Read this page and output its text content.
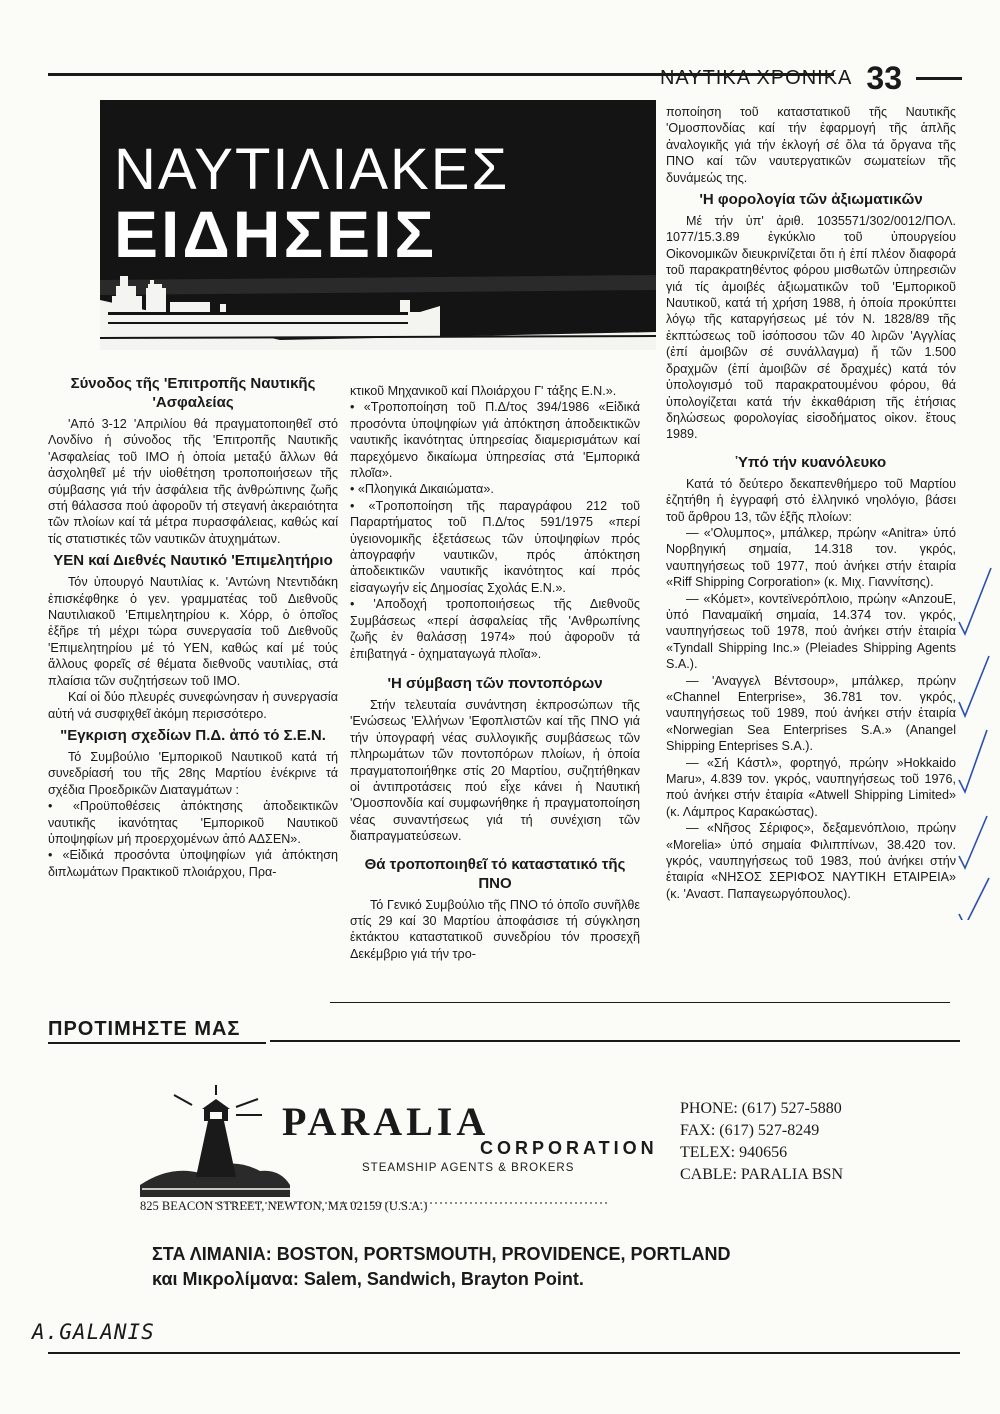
ΝΑΥΤΙΚΑ ΧΡΟΝΙΚΑ 33
ΝΑΥΤΙΛΙΑΚΕΣ
ΕΙΔΗΣΕΙΣ
Σύνοδος τῆς 'Επιτροπῆς Ναυτικῆς 'Ασφαλείας

'Από 3-12 'Απριλίου θά πραγματοποιηθεῖ στό Λονδίνο ἡ σύνοδος τῆς 'Επιτροπῆς Ναυτικῆς 'Ασφαλείας τοῦ IMO ἡ ὁποία μεταξύ ἄλλων θά ἀσχοληθεῖ μέ τήν υἱοθέτηση τροποποιήσεων τῆς σύμβασης γιά τήν ἀσφάλεια τῆς ἀνθρώπινης ζωῆς στή θάλασσα πού ἀφοροῦν τή στεγανή ἀκεραιότητα τῶν πλοίων καί τά μέτρα πυρασφάλειας, καθώς καί τίς στατιστικές τῶν ναυτικῶν ἀτυχημάτων.

ΥΕΝ καί Διεθνές Ναυτικό 'Επιμελητήριο

Τόν ὑπουργό Ναυτιλίας κ. 'Αντώνη Ντεντιδάκη ἐπισκέφθηκε ὁ γεν. γραμματέας τοῦ Διεθνοῦς Ναυτιλιακοῦ 'Επιμελητηρίου κ. Χόρρ, ὁ ὁποῖος ἐξῆρε τή μέχρι τώρα συνεργασία τοῦ Διεθνοῦς 'Επιμελητηρίου μέ τό ΥΕΝ, καθώς καί μέ τούς ἄλλους φορεῖς σέ θέματα διεθνοῦς ναυτιλίας, στά πλαίσια τῶν συζητήσεων τοῦ IMO.

Καί οἱ δύο πλευρές συνεφώνησαν ἡ συνεργασία αὐτή νά συσφιχθεῖ ἀκόμη περισσότερο.

"Εγκριση σχεδίων Π.Δ. ἀπό τό Σ.Ε.Ν.

Τό Συμβούλιο 'Εμπορικοῦ Ναυτικοῦ κατά τή συνεδρίασή του τῆς 28ης Μαρτίου ἐνέκρινε τά σχέδια Προεδρικῶν Διαταγμάτων :

• «Προϋποθέσεις ἀπόκτησης ἀποδεικτικῶν ναυτικῆς ἱκανότητας 'Εμπορικοῦ Ναυτικοῦ ὑποψηφίων μή προερχομένων ἀπό ΑΔΣΕΝ».

• «Εἰδικά προσόντα ὑποψηφίων γιά ἀπόκτηση διπλωμάτων Πρακτικοῦ πλοιάρχου, Πρα-

κτικοῦ Μηχανικοῦ καί Πλοιάρχου Γ' τάξης Ε.Ν.».

• «Τροποποίηση τοῦ Π.Δ/τος 394/1986 «Εἰδικά προσόντα ὑποψηφίων γιά ἀπόκτηση ἀποδεικτικῶν ναυτικῆς ἱκανότητας ὑπηρεσίας διαμερισμάτων καί παρεχόμενο δικαίωμα ὑπηρεσίας στά 'Εμπορικά πλοῖα».

• «Πλοηγικά Δικαιώματα».

• «Τροποποίηση τῆς παραγράφου 212 τοῦ Παραρτήματος τοῦ Π.Δ/τος 591/1975 «περί ὑγειονομικῆς ἐξετάσεως τῶν ὑποψηφίων πρός ἀπογραφήν ναυτικῶν, πρός ἀπόκτηση ἀποδεικτικῶν ναυτικῆς ἱκανότητος καί πρός εἰσαγωγήν εἰς Δημοσίας Σχολάς Ε.Ν.».

• 'Αποδοχή τροποποιήσεως τῆς Διεθνοῦς Συμβάσεως «περί ἀσφαλείας τῆς 'Ανθρωπίνης ζωῆς ἐν θαλάσσῃ 1974» πού ἀφοροῦν τά ἐπιβατηγά - ὀχηματαγωγά πλοῖα».

'Η σύμβαση τῶν ποντοπόρων

Στήν τελευταία συνάντηση ἐκπροσώπων τῆς 'Ενώσεως 'Ελλήνων 'Εφοπλιστῶν καί τῆς ΠΝΟ γιά τήν ὑπογραφή νέας συλλογικῆς συμβάσεως τῶν πληρωμάτων τῶν ποντοπόρων πλοίων, ἡ ὁποία πραγματοποιήθηκε στίς 20 Μαρτίου, συζητήθηκαν οἱ ἀντιπροτάσεις πού εἶχε κάνει ἡ Ναυτική 'Ομοσπονδία καί συμφωνήθηκε ἡ πραγματοποίηση νέας συναντήσεως γιά τή συνέχιση τῶν διαπραγματεύσεων.

Θά τροποποιηθεῖ τό καταστατικό τῆς ΠΝΟ

Τό Γενικό Συμβούλιο τῆς ΠΝΟ τό ὁποῖο συνῆλθε στίς 29 καί 30 Μαρτίου ἀποφάσισε τή σύγκληση ἐκτάκτου καταστατικοῦ συνεδρίου τόν προσεχῆ Δεκέμβριο γιά τήν τρο-

ποποίηση τοῦ καταστατικοῦ τῆς Ναυτικῆς 'Ομοσπονδίας καί τήν ἐφαρμογή τῆς ἁπλῆς ἀναλογικῆς γιά τήν ἐκλογή σέ ὅλα τά ὄργανα τῆς ΠΝΟ καί τῶν ναυτεργατικῶν σωματείων τῆς δυνάμεώς της.

'Η φορολογία τῶν ἀξιωματικῶν

Μέ τήν ὑπ' ἀριθ. 1035571/302/0012/ΠΟΛ. 1077/15.3.89 ἐγκύκλιο τοῦ ὑπουργείου Οἰκονομικῶν διευκρινίζεται ὅτι ἡ ἐπί πλέον διαφορά τοῦ παρακρατηθέντος φόρου μισθωτῶν ὑπηρεσιῶν γιά τίς ἀμοιβές ἀξιωματικῶν τοῦ 'Εμπορικοῦ Ναυτικοῦ, κατά τή χρήση 1988, ἡ ὁποία προκύπτει λόγῳ τῆς καταργήσεως μέ τόν Ν. 1828/89 τῆς ἐκπτώσεως τοῦ ἰσόποσου τῶν 40 λιρῶν 'Αγγλίας (ἐπί ἀμοιβῶν σέ συνάλλαγμα) ἤ τῶν 1.500 δραχμῶν (ἐπί ἀμοιβῶν σέ δραχμές) κατά τόν ὑπολογισμό τοῦ παρακρατουμένου φόρου, θά ὑπολογίζεται κατά τήν ἐκκαθάριση τῆς ἐτήσιας δηλώσεως φορολογίας εἰσοδήματος οἰκον. ἔτους 1989.

Ὑπό τήν κυανόλευκο

Κατά τό δεύτερο δεκαπενθήμερο τοῦ Μαρτίου ἐζητήθη ἡ ἐγγραφή στό ἑλληνικό νηολόγιο, βάσει τοῦ ἄρθρου 13, τῶν ἑξῆς πλοίων:

— «'Ολυμπος», μπάλκερ, πρώην «Anitra» ὑπό Νορβηγική σημαία, 14.318 τον. γκρός, ναυπηγήσεως τοῦ 1977, πού ἀνήκει στήν ἑταιρία «Riff Shipping Corporation» (κ. Μιχ. Γιαννίτσης).

— «Κόμετ», κοντεϊνερόπλοιο, πρώην «AnzouE, ὑπό Παναμαϊκή σημαία, 14.374 τον. γκρός, ναυπηγήσεως τοῦ 1978, πού ἀνήκει στήν ἑταιρία «Tyndall Shipping Inc.» (Pleiades Shipping Agents S.A.).

— 'Αναγγελ Βέντσουρ», μπάλκερ, πρώην «Channel Enterprise», 36.781 τον. γκρός, ναυπηγήσεως τοῦ 1989, πού ἀνήκει στήν ἑταιρία «Norwegian Sea Enterprises S.A.» (Anangel Shipping Enteprises S.A.).

— «Σή Κάστλ», φορτηγό, πρώην »Hokkaido Maru», 4.839 τον. γκρός, ναυπηγήσεως τοῦ 1976, πού ἀνήκει στήν ἑταιρία «Atwell Shipping Limited» (κ. Λάμπρος Καρακώστας).

— «Νῆσος Σέριφος», δεξαμενόπλοιο, πρώην «Morelia» ὑπό σημαία Φιλιππίνων, 38.420 τον. γκρός, ναυπηγήσεως τοῦ 1983, πού ἀνήκει στήν ἑταιρία «ΝΗΣΟΣ ΣΕΡΙΦΟΣ ΝΑΥΤΙΚΗ ΕΤΑΙΡΕΙΑ» (κ. 'Αναστ. Παπαγεωργόπουλος).

ΠΡΟΤΙΜΗΣΤΕ ΜΑΣ
PARALIA
CORPORATION
STEAMSHIP AGENTS & BROKERS
825 BEACON STREET, NEWTON, MA 02159 (U.S.A.)
PHONE: (617) 527-5880
FAX: (617) 527-8249
TELEX: 940656
CABLE: PARALIA BSN
ΣΤΑ ΛΙΜΑΝΙΑ: BOSTON, PORTSMOUTH, PROVIDENCE, PORTLAND
και Μικρολίμανα: Salem, Sandwich, Brayton Point.
A.GALANIS
